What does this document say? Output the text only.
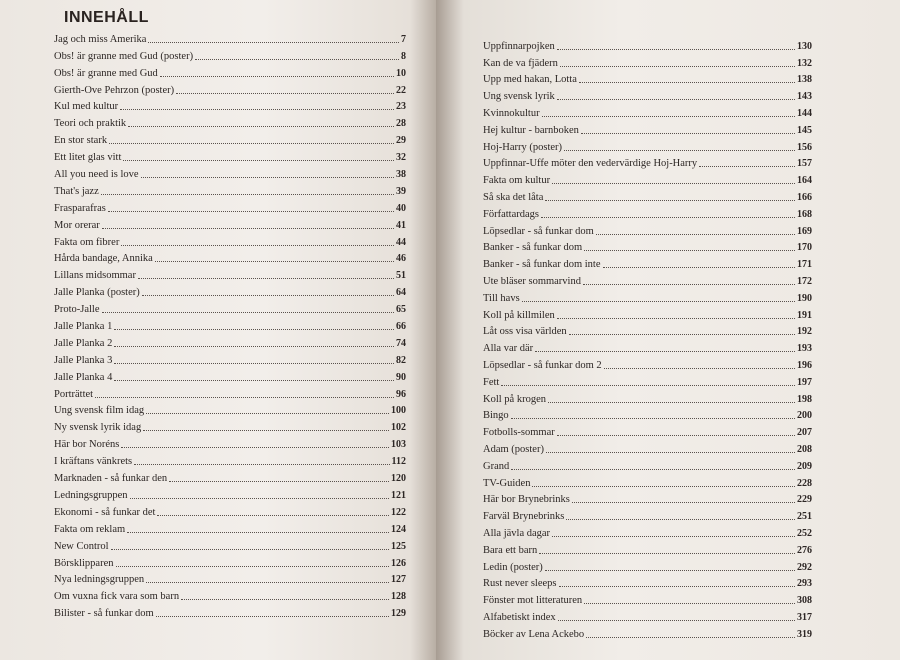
INNEHÅLL
Jag och miss Amerika	7
Obs! är granne med Gud (poster)	8
Obs! är granne med Gud	10
Gierth-Ove Pehrzon (poster)	22
Kul med kultur	23
Teori och praktik	28
En stor stark	29
Ett litet glas vitt	32
All you need is love	38
That's jazz	39
Frasparafras	40
Mor orerar	41
Fakta om fibrer	44
Hårda bandage, Annika	46
Lillans midsommar	51
Jalle Planka (poster)	64
Proto-Jalle	65
Jalle Planka 1	66
Jalle Planka 2	74
Jalle Planka 3	82
Jalle Planka 4	90
Porträttet	96
Ung svensk film idag	100
Ny svensk lyrik idag	102
Här bor Noréns	103
I kräftans vänkrets	112
Marknaden - så funkar den	120
Ledningsgruppen	121
Ekonomi - så funkar det	122
Fakta om reklam	124
New Control	125
Börsklipparen	126
Nya ledningsgruppen	127
Om vuxna fick vara som barn	128
Bilister - så funkar dom	129
Uppfinnarpojken	130
Kan de va fjädern	132
Upp med hakan, Lotta	138
Ung svensk lyrik	143
Kvinnokultur	144
Hej kultur - barnboken	145
Hoj-Harry (poster)	156
Uppfinnar-Uffe möter den vedervärdige Hoj-Harry	157
Fakta om kultur	164
Så ska det låta	166
Författardags	168
Löpsedlar - så funkar dom	169
Banker - så funkar dom	170
Banker - så funkar dom inte	171
Ute bläser sommarvind	172
Till havs	190
Koll på killmilen	191
Låt oss visa världen	192
Alla var där	193
Löpsedlar - så funkar dom 2	196
Fett	197
Koll på krogen	198
Bingo	200
Fotbolls-sommar	207
Adam (poster)	208
Grand	209
TV-Guiden	228
Här bor Brynebrinks	229
Farväl Brynebrinks	251
Alla jävla dagar	252
Bara ett barn	276
Ledin (poster)	292
Rust never sleeps	293
Fönster mot litteraturen	308
Alfabetiskt index	317
Böcker av Lena Ackebo	319
